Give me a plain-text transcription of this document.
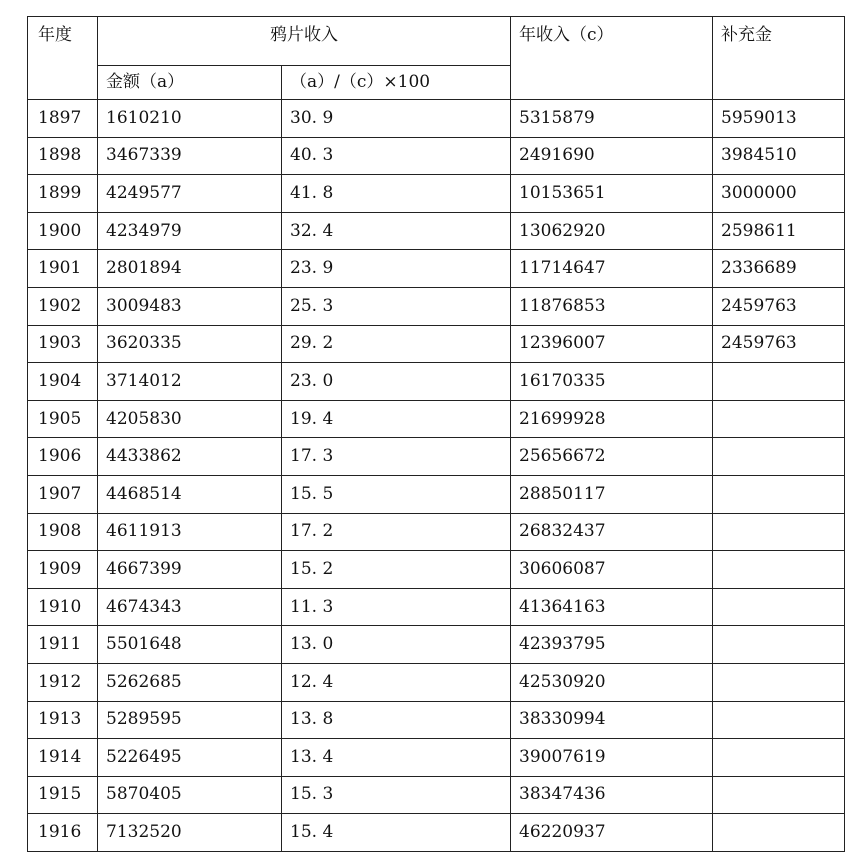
年度	鸦片收入		年收入（c）	补充金
	金额（a）	（a）/（c）×100		
1897	1610210	30. 9	5315879	5959013
1898	3467339	40. 3	2491690	3984510
1899	4249577	41. 8	10153651	3000000
1900	4234979	32. 4	13062920	2598611
1901	2801894	23. 9	11714647	2336689
1902	3009483	25. 3	11876853	2459763
1903	3620335	29. 2	12396007	2459763
1904	3714012	23. 0	16170335	
1905	4205830	19. 4	21699928	
1906	4433862	17. 3	25656672	
1907	4468514	15. 5	28850117	
1908	4611913	17. 2	26832437	
1909	4667399	15. 2	30606087	
1910	4674343	11. 3	41364163	
1911	5501648	13. 0	42393795	
1912	5262685	12. 4	42530920	
1913	5289595	13. 8	38330994	
1914	5226495	13. 4	39007619	
1915	5870405	15. 3	38347436	
1916	7132520	15. 4	46220937	
